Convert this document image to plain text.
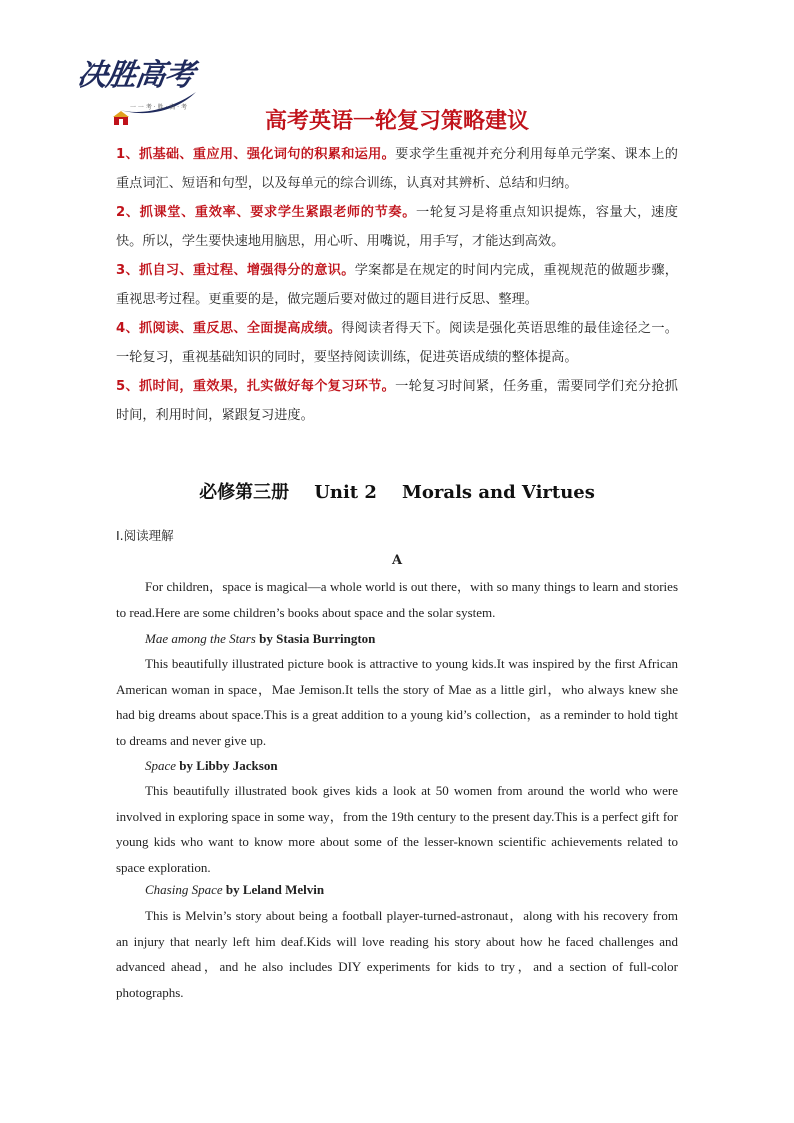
决胜高考
一 一 考 · 胜 · 高 · 考
高考英语一轮复习策略建议
1、抓基础、重应用、强化词句的积累和运用。要求学生重视并充分利用每单元学案、课本上的重点词汇、短语和句型，以及每单元的综合训练，认真对其辨析、总结和归纳。
2、抓课堂、重效率、要求学生紧跟老师的节奏。一轮复习是将重点知识提炼，容量大，速度快。所以，学生要快速地用脑思，用心听、用嘴说，用手写，才能达到高效。
3、抓自习、重过程、增强得分的意识。学案都是在规定的时间内完成，重视规范的做题步骤，重视思考过程。更重要的是，做完题后要对做过的题目进行反思、整理。
4、抓阅读、重反思、全面提高成绩。得阅读者得天下。阅读是强化英语思维的最佳途径之一。一轮复习，重视基础知识的同时，要坚持阅读训练，促进英语成绩的整体提高。
5、抓时间，重效果，扎实做好每个复习环节。一轮复习时间紧，任务重，需要同学们充分抢抓时间，利用时间，紧跟复习进度。
必修第三册 Unit 2 Morals and Virtues
Ⅰ.阅读理解
A
For children，space is magical—a whole world is out there，with so many things to learn and stories to read.Here are some children’s books about space and the solar system.
Mae among the Stars by Stasia Burrington
This beautifully illustrated picture book is attractive to young kids.It was inspired by the first African American woman in space，Mae Jemison.It tells the story of Mae as a little girl，who always knew she had big dreams about space.This is a great addition to a young kid’s collection，as a reminder to hold tight to dreams and never give up.
Space by Libby Jackson
This beautifully illustrated book gives kids a look at 50 women from around the world who were involved in exploring space in some way，from the 19th century to the present day.This is a perfect gift for young kids who want to know more about some of the lesser-known scientific achievements related to space exploration.
Chasing Space by Leland Melvin
This is Melvin’s story about being a football player-turned-astronaut，along with his recovery from an injury that nearly left him deaf.Kids will love reading his story about how he faced challenges and advanced ahead，and he also includes DIY experiments for kids to try，and a section of full-color photographs.
